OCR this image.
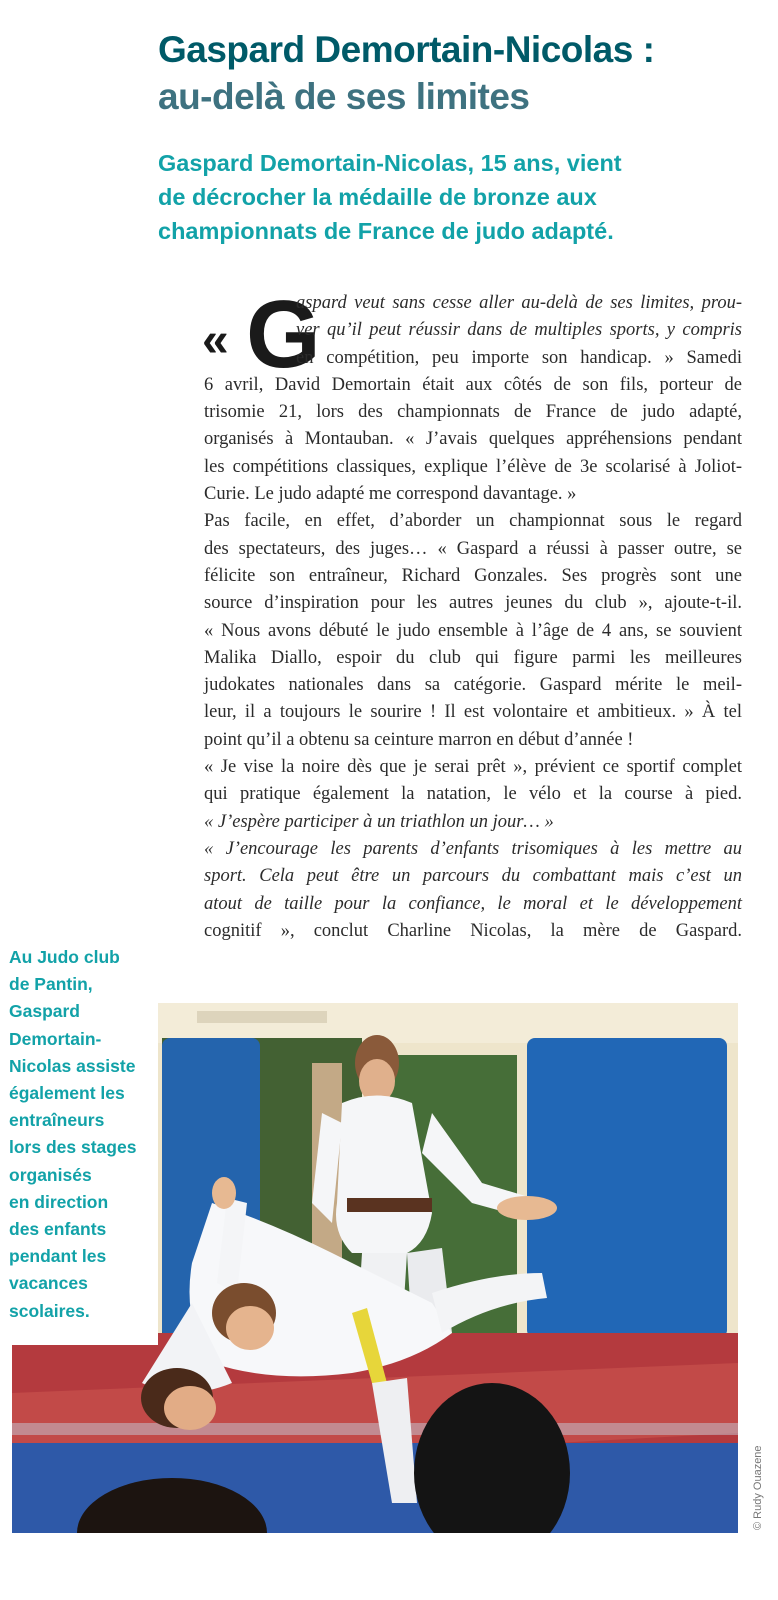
Gaspard Demortain-Nicolas :
au-delà de ses limites

Gaspard Demortain-Nicolas, 15 ans, vient
de décrocher la médaille de bronze aux
championnats de France de judo adapté.

« G
aspard veut sans cesse aller au-delà de ses limites, prou-
ver qu’il peut réussir dans de multiples sports, y compris
en compétition, peu importe son handicap. » Samedi
6 avril, David Demortain était aux côtés de son fils, porteur de
trisomie 21, lors des championnats de France de judo adapté,
organisés à Montauban. « J’avais quelques appréhensions pendant
les compétitions classiques, explique l’élève de 3e scolarisé à Joliot-
Curie. Le judo adapté me correspond davantage. »
Pas facile, en effet, d’aborder un championnat sous le regard
des spectateurs, des juges… « Gaspard a réussi à passer outre, se
félicite son entraîneur, Richard Gonzales. Ses progrès sont une
source d’inspiration pour les autres jeunes du club », ajoute-t-il.
« Nous avons débuté le judo ensemble à l’âge de 4 ans, se souvient
Malika Diallo, espoir du club qui figure parmi les meilleures
judokates nationales dans sa catégorie. Gaspard mérite le meil-
leur, il a toujours le sourire ! Il est volontaire et ambitieux. » À tel
point qu’il a obtenu sa ceinture marron en début d’année !
« Je vise la noire dès que je serai prêt », prévient ce sportif complet
qui pratique également la natation, le vélo et la course à pied.
« J’espère participer à un triathlon un jour… »
« J’encourage les parents d’enfants trisomiques à les mettre au
sport. Cela peut être un parcours du combattant mais c’est un
atout de taille pour la confiance, le moral et le développement
cognitif », conclut Charline Nicolas, la mère de Gaspard.
Au Judo club
de Pantin,
Gaspard
Demortain-
Nicolas assiste
également les
entraîneurs
lors des stages
organisés
en direction
des enfants
pendant les
vacances
scolaires.
© Rudy Ouazene
